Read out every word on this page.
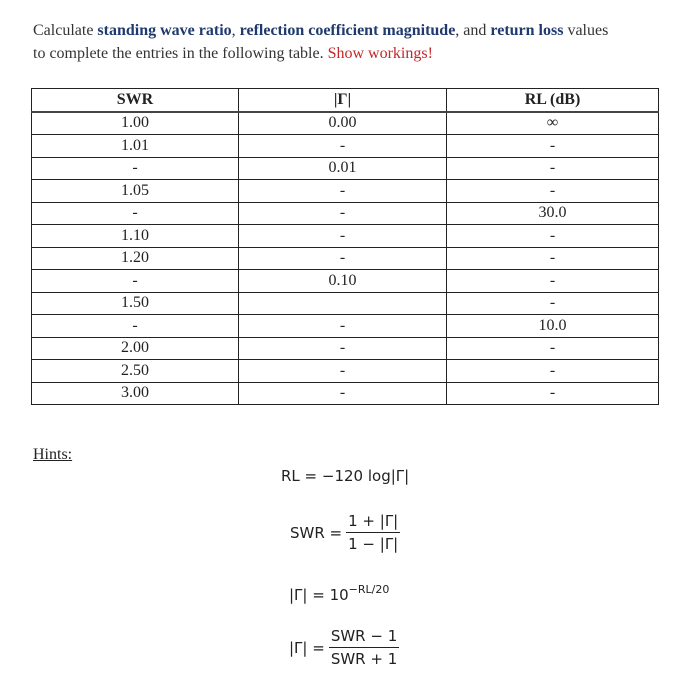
Calculate standing wave ratio, reflection coefficient magnitude, and return loss values
to complete the entries in the following table. Show workings!
SWR	|Γ|	RL (dB)
1.00	0.00	∞
1.01	-	-
-	0.01	-
1.05	-	-
-	-	30.0
1.10	-	-
1.20	-	-
-	0.10	-
1.50		-
-	-	10.0
2.00	-	-
2.50	-	-
3.00	-	-
Hints:
RL = −120 log|Γ|
SWR = $\frac{1 + |\Gamma|}{1 - |\Gamma|}$
$|\Gamma| = 10^{-RL/20}$
$|\Gamma| = \frac{\text{SWR − 1}}{\text{SWR + 1}}$
